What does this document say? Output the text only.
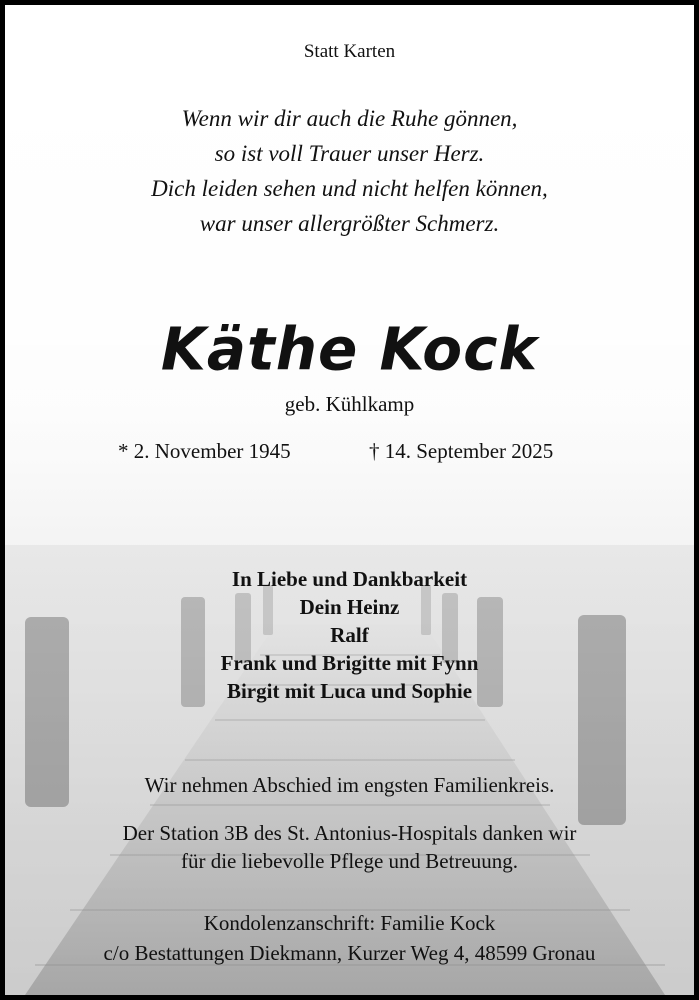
Statt Karten
Wenn wir dir auch die Ruhe gönnen,
so ist voll Trauer unser Herz.
Dich leiden sehen und nicht helfen können,
war unser allergrößter Schmerz.
Käthe Kock
geb. Kühlkamp
* 2. November 1945	† 14. September 2025
In Liebe und Dankbarkeit
Dein Heinz
Ralf
Frank und Brigitte mit Fynn
Birgit mit Luca und Sophie
Wir nehmen Abschied im engsten Familienkreis.
Der Station 3B des St. Antonius-Hospitals danken wir
für die liebevolle Pflege und Betreuung.
Kondolenzanschrift: Familie Kock
c/o Bestattungen Diekmann, Kurzer Weg 4, 48599 Gronau
